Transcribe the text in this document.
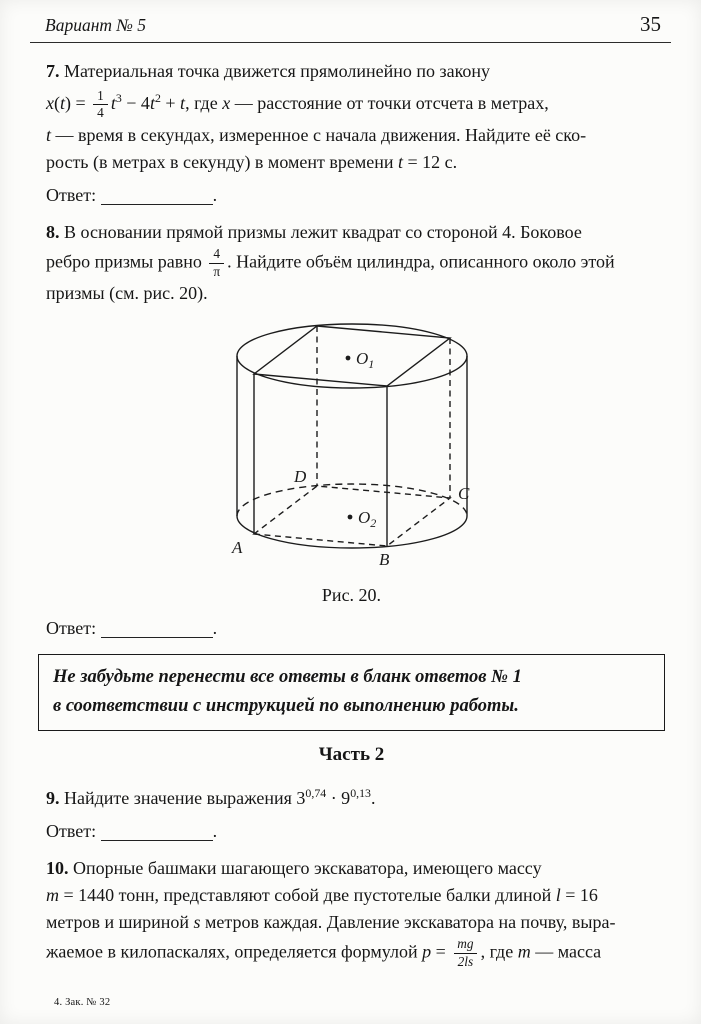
Вариант № 5	35
7. Материальная точка движется прямолинейно по закону
$x(t) = \frac{1}{4} t^3 - 4t^2 + t$, где x — расстояние от точки отсчета в метрах,
t — время в секундах, измеренное с начала движения. Найдите её ско-
рость (в метрах в секунду) в момент времени t = 12 с.
Ответ:	.
8. В основании прямой призмы лежит квадрат со стороной 4. Боковое
ребро призмы равно $\frac{4}{\pi}$ . Найдите объём цилиндра, описанного около этой
призмы (см. рис. 20).
$O_1$
$O_2$
A
B
C
D
Рис. 20.
Ответ:	.
Не забудьте перенести все ответы в бланк ответов № 1
в соответствии с инструкцией по выполнению работы.
Часть 2
9. Найдите значение выражения $3^{0,74} \cdot 9^{0,13}$.
Ответ:	.
10. Опорные башмаки шагающего экскаватора, имеющего массу
m = 1440 тонн, представляют собой две пустотелые балки длиной l = 16
метров и шириной s метров каждая. Давление экскаватора на почву, выра-
жаемое в килопаскалях, определяется формулой $p = \frac{mg}{2ls}$ , где m — масса
4. Зак. № 32
